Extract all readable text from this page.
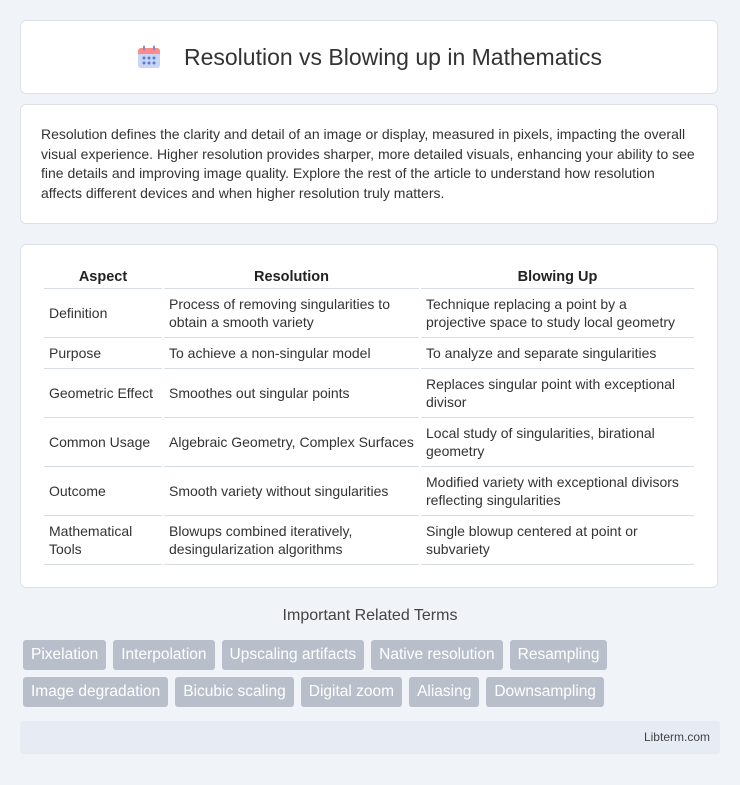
Resolution vs Blowing up in Mathematics

Resolution defines the clarity and detail of an image or display, measured in pixels, impacting the overall visual experience. Higher resolution provides sharper, more detailed visuals, enhancing your ability to see fine details and improving image quality. Explore the rest of the article to understand how resolution affects different devices and when higher resolution truly matters.

Aspect	Resolution	Blowing Up
Definition	Process of removing singularities to obtain a smooth variety	Technique replacing a point by a projective space to study local geometry
Purpose	To achieve a non-singular model	To analyze and separate singularities
Geometric Effect	Smoothes out singular points	Replaces singular point with exceptional divisor
Common Usage	Algebraic Geometry, Complex Surfaces	Local study of singularities, birational geometry
Outcome	Smooth variety without singularities	Modified variety with exceptional divisors reflecting singularities
Mathematical Tools	Blowups combined iteratively, desingularization algorithms	Single blowup centered at point or subvariety
Important Related Terms
Pixelation	Interpolation	Upscaling artifacts	Native resolution	Resampling
Image degradation	Bicubic scaling	Digital zoom	Aliasing	Downsampling
Libterm.com
